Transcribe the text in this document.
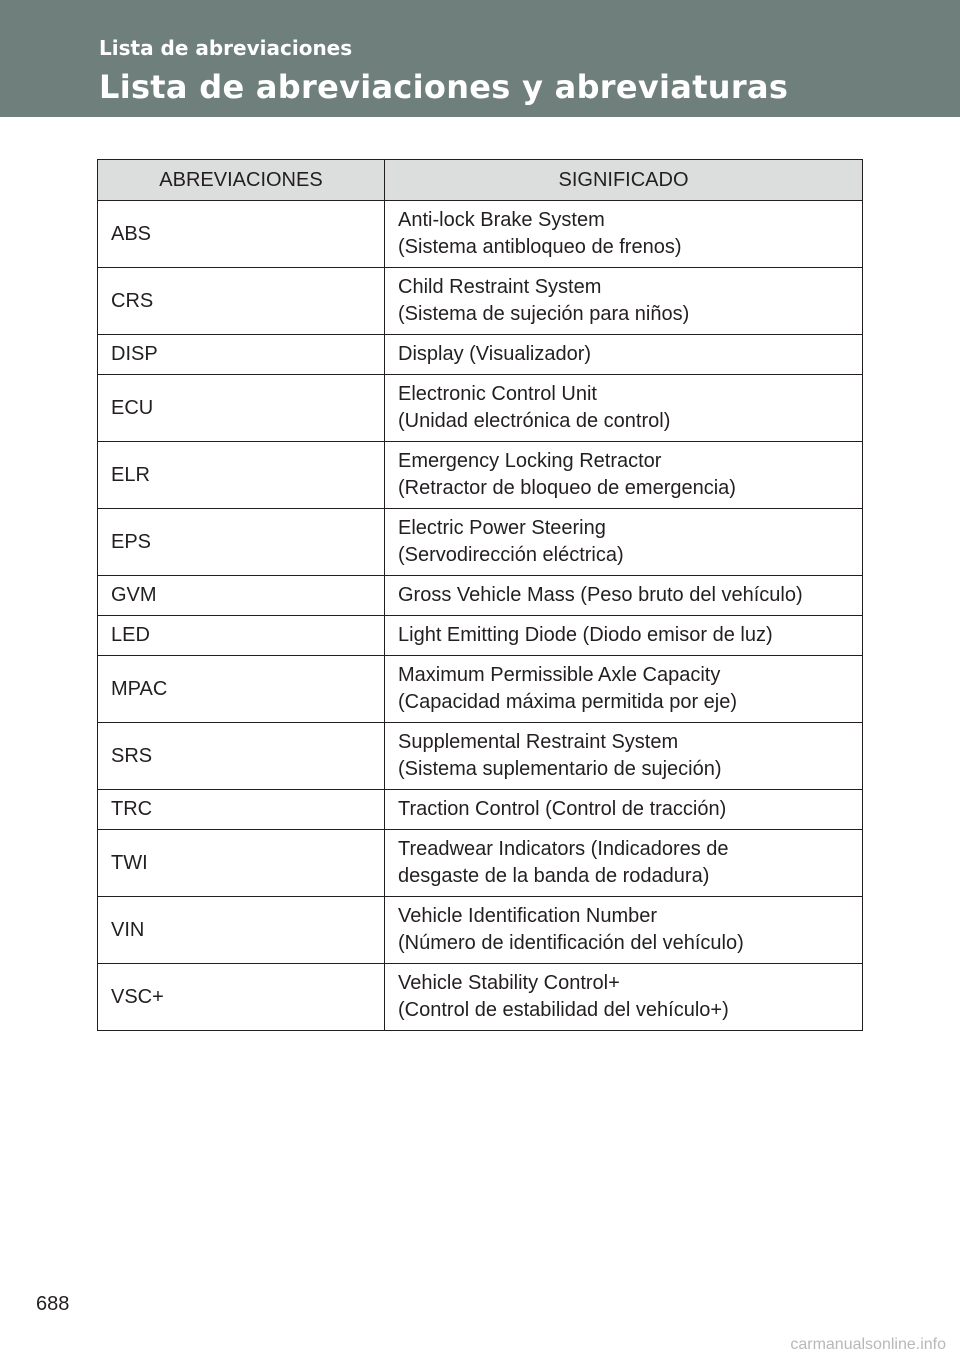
Lista de abreviaciones
Lista de abreviaciones y abreviaturas
ABREVIACIONES	SIGNIFICADO
ABS	Anti-lock Brake System
(Sistema antibloqueo de frenos)

CRS	Child Restraint System
(Sistema de sujeción para niños)

DISP	Display (Visualizador)

ECU	Electronic Control Unit
(Unidad electrónica de control)

ELR	Emergency Locking Retractor
(Retractor de bloqueo de emergencia)

EPS	Electric Power Steering
(Servodirección eléctrica)

GVM	Gross Vehicle Mass (Peso bruto del vehículo)

LED	Light Emitting Diode (Diodo emisor de luz)

MPAC	Maximum Permissible Axle Capacity
(Capacidad máxima permitida por eje)

SRS	Supplemental Restraint System
(Sistema suplementario de sujeción)

TRC	Traction Control (Control de tracción)

TWI	Treadwear Indicators (Indicadores de
desgaste de la banda de rodadura)

VIN	Vehicle Identification Number
(Número de identificación del vehículo)

VSC+	Vehicle Stability Control+
(Control de estabilidad del vehículo+)
688
carmanualsonline.info
